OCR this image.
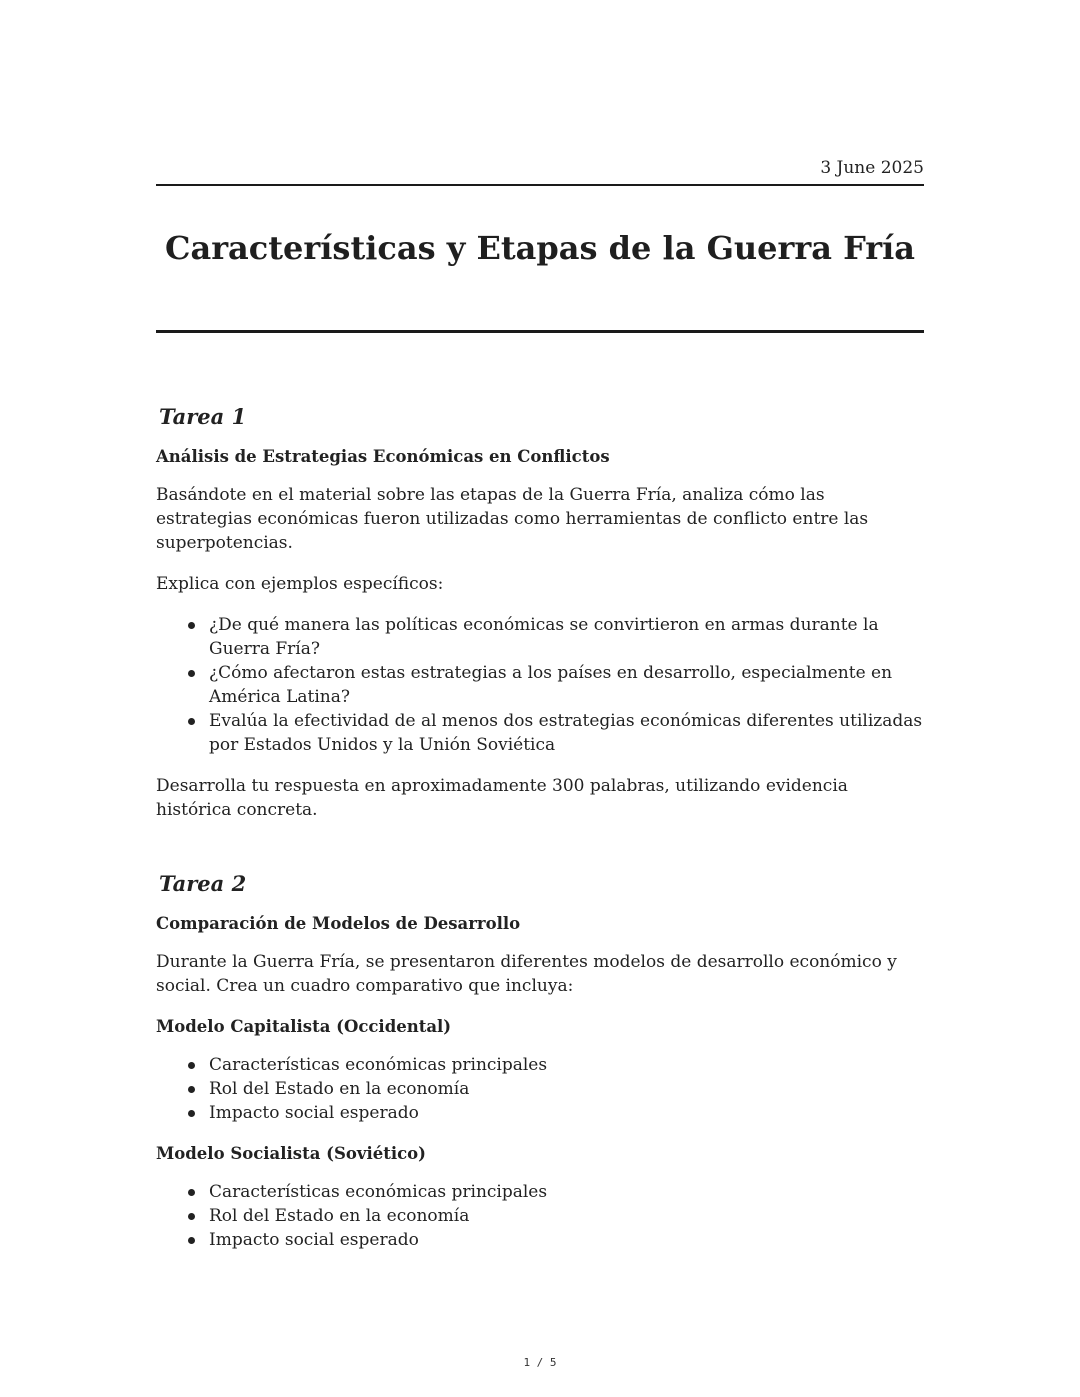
3 June 2025
Características y Etapas de la Guerra Fría
Tarea 1
Análisis de Estrategias Económicas en Conflictos

Basándote en el material sobre las etapas de la Guerra Fría, analiza cómo las estrategias económicas fueron utilizadas como herramientas de conflicto entre las superpotencias.

Explica con ejemplos específicos:

¿De qué manera las políticas económicas se convirtieron en armas durante la Guerra Fría?
¿Cómo afectaron estas estrategias a los países en desarrollo, especialmente en América Latina?
Evalúa la efectividad de al menos dos estrategias económicas diferentes utilizadas por Estados Unidos y la Unión Soviética

Desarrolla tu respuesta en aproximadamente 300 palabras, utilizando evidencia histórica concreta.

Tarea 2
Comparación de Modelos de Desarrollo

Durante la Guerra Fría, se presentaron diferentes modelos de desarrollo económico y social. Crea un cuadro comparativo que incluya:

Modelo Capitalista (Occidental)
Características económicas principales
Rol del Estado en la economía
Impacto social esperado
Modelo Socialista (Soviético)
Características económicas principales
Rol del Estado en la economía
Impacto social esperado
1 / 5
